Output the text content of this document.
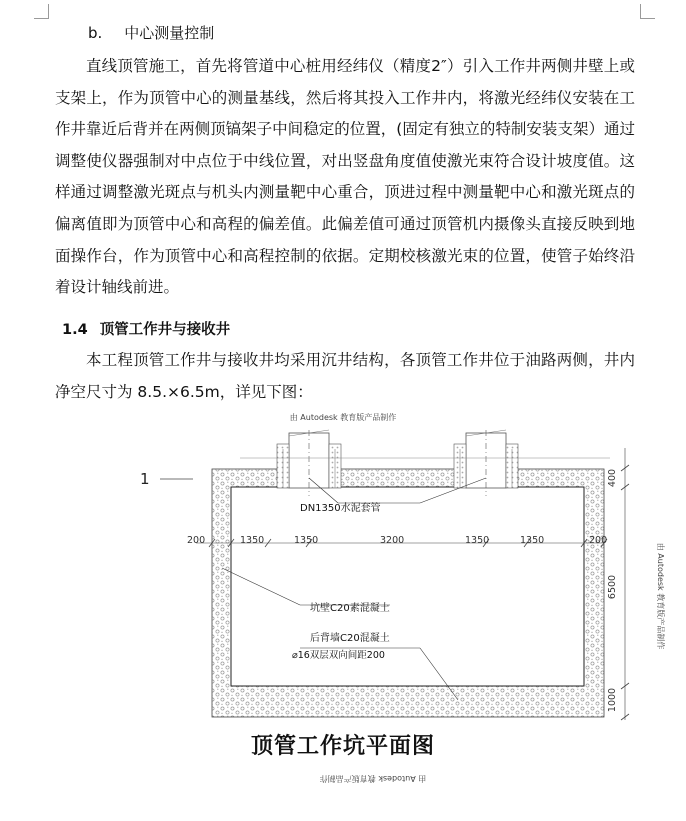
b. 中心测量控制

直线顶管施工，首先将管道中心桩用经纬仪（精度2″）引入工作井两侧井壁上或支架上，作为顶管中心的测量基线，然后将其投入工作井内，将激光经纬仪安装在工作井靠近后背并在两侧顶镐架子中间稳定的位置，(固定有独立的特制安装支架）通过调整使仪器强制对中点位于中线位置，对出竖盘角度值使激光束符合设计坡度值。这样通过调整激光斑点与机头内测量靶中心重合，顶进过程中测量靶中心和激光斑点的偏离值即为顶管中心和高程的偏差值。此偏差值可通过顶管机内摄像头直接反映到地面操作台，作为顶管中心和高程控制的依据。定期校核激光束的位置，使管子始终沿着设计轴线前进。

1.4 顶管工作井与接收井

本工程顶管工作井与接收井均采用沉井结构，各顶管工作井位于油路两侧，井内净空尺寸为 8.5.×6.5m，详见下图：

由 Autodesk 教育版产品制作
由 Autodesk 教育版产品制作
由 Autodesk 教育版产品制作
1
DN1350水泥套管
200	1350	1350	3200	1350	1350	200
400
6500
1000
坑壁C20素混凝土
后背墙C20混凝土
⌀16双层双向间距200
顶管工作坑平面图
